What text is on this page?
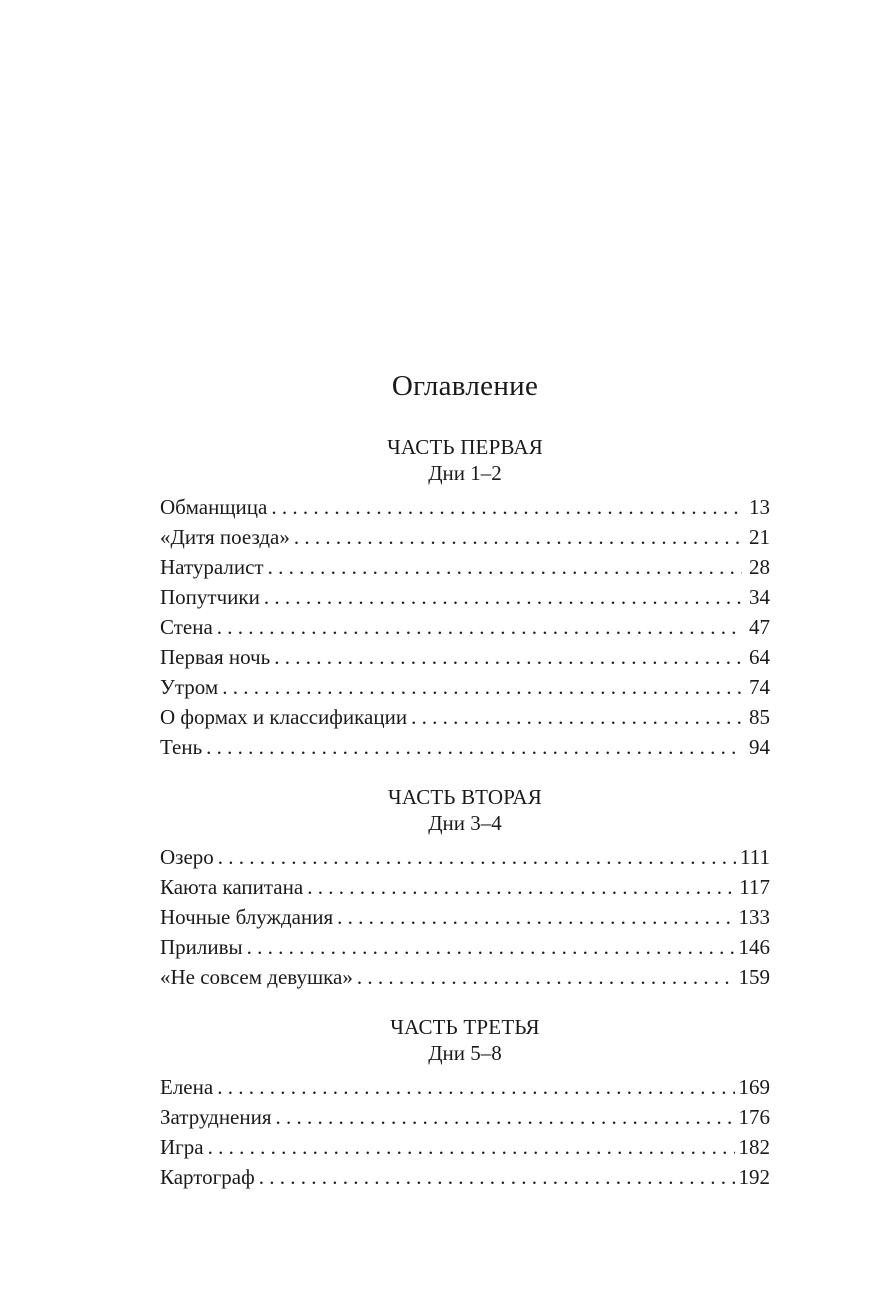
Оглавление
ЧАСТЬ ПЕРВАЯ
Дни 1–2
Обманщица . . .	13
«Дитя поезда» . . .	21
Натуралист . . .	28
Попутчики . . .	34
Стена . . .	47
Первая ночь . . .	64
Утром . . .	74
О формах и классификации . . .	85
Тень . . .	94
ЧАСТЬ ВТОРАЯ
Дни 3–4
Озеро . . .	111
Каюта капитана . . .	117
Ночные блуждания . . .	133
Приливы . . .	146
«Не совсем девушка» . . .	159
ЧАСТЬ ТРЕТЬЯ
Дни 5–8
Елена . . .	169
Затруднения . . .	176
Игра . . .	182
Картограф . . .	192
